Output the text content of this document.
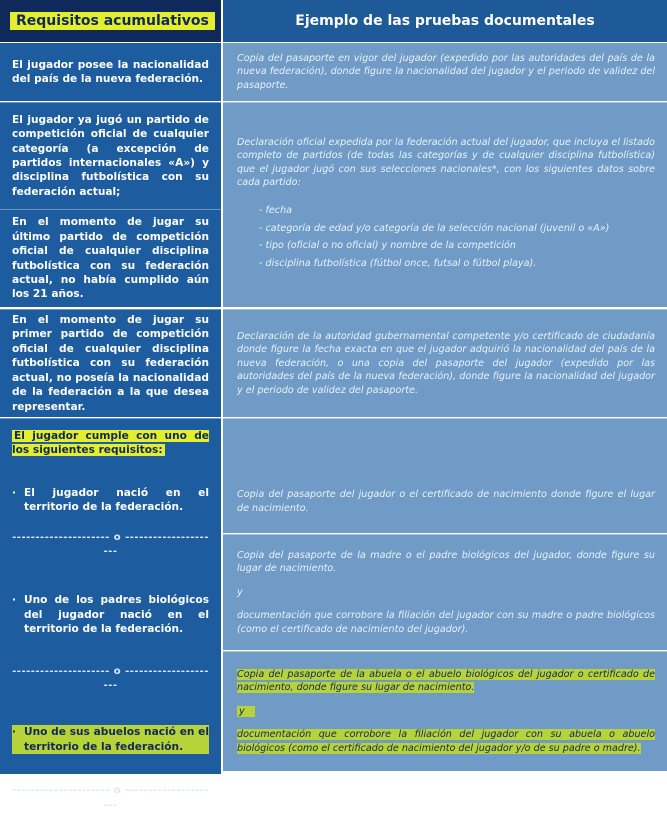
Requisitos acumulativos	Ejemplo de las pruebas documentales
El jugador posee la nacionalidad del país de la nueva federación.
Copia del pasaporte en vigor del jugador (expedido por las autoridades del país de la nueva federación), donde figure la nacionalidad del jugador y el periodo de validez del pasaporte.
El jugador ya jugó un partido de competición oficial de cualquier categoría (a excepción de partidos internacionales «A») y disciplina futbolística con su federación actual;
En el momento de jugar su último partido de competición oficial de cualquier disciplina futbolística con su federación actual, no había cumplido aún los 21 años.

Declaración oficial expedida por la federación actual del jugador, que incluya el listado completo de partidos (de todas las categorías y de cualquier disciplina futbolística) que el jugador jugó con sus selecciones nacionales*, con los siguientes datos sobre cada partido:

- fecha
- categoría de edad y/o categoría de la selección nacional (juvenil o «A»)
- tipo (oficial o no oficial) y nombre de la competición
- disciplina futbolística (fútbol once, futsal o fútbol playa).
En el momento de jugar su primer partido de competición oficial de cualquier disciplina futbolística con su federación actual, no poseía la nacionalidad de la federación a la que desea representar.
Declaración de la autoridad gubernamental competente y/o certificado de ciudadanía donde figure la fecha exacta en que el jugador adquirió la nacionalidad del país de la nueva federación, o una copia del pasaporte del jugador (expedido por las autoridades del país de la nueva federación), donde figure la nacionalidad del jugador y el periodo de validez del pasaporte.
El jugador cumple con uno de los siguientes requisitos:
· El jugador nació en el territorio de la federación.
--------------------- o ---------------------
· Uno de los padres biológicos del jugador nació en el territorio de la federación.
--------------------- o ---------------------
· Uno de sus abuelos nació en el territorio de la federación.
--------------------- o ---------------------
Copia del pasaporte del jugador o el certificado de nacimiento donde figure el lugar de nacimiento.

Copia del pasaporte de la madre o el padre biológicos del jugador, donde figure su lugar de nacimiento.

y

documentación que corrobore la filiación del jugador con su madre o padre biológicos (como el certificado de nacimiento del jugador).

Copia del pasaporte de la abuela o el abuelo biológicos del jugador o certificado de nacimiento, donde figure su lugar de nacimiento.

y

documentación que corrobore la filiación del jugador con su abuela o abuelo biológicos (como el certificado de nacimiento del jugador y/o de su padre o madre).
